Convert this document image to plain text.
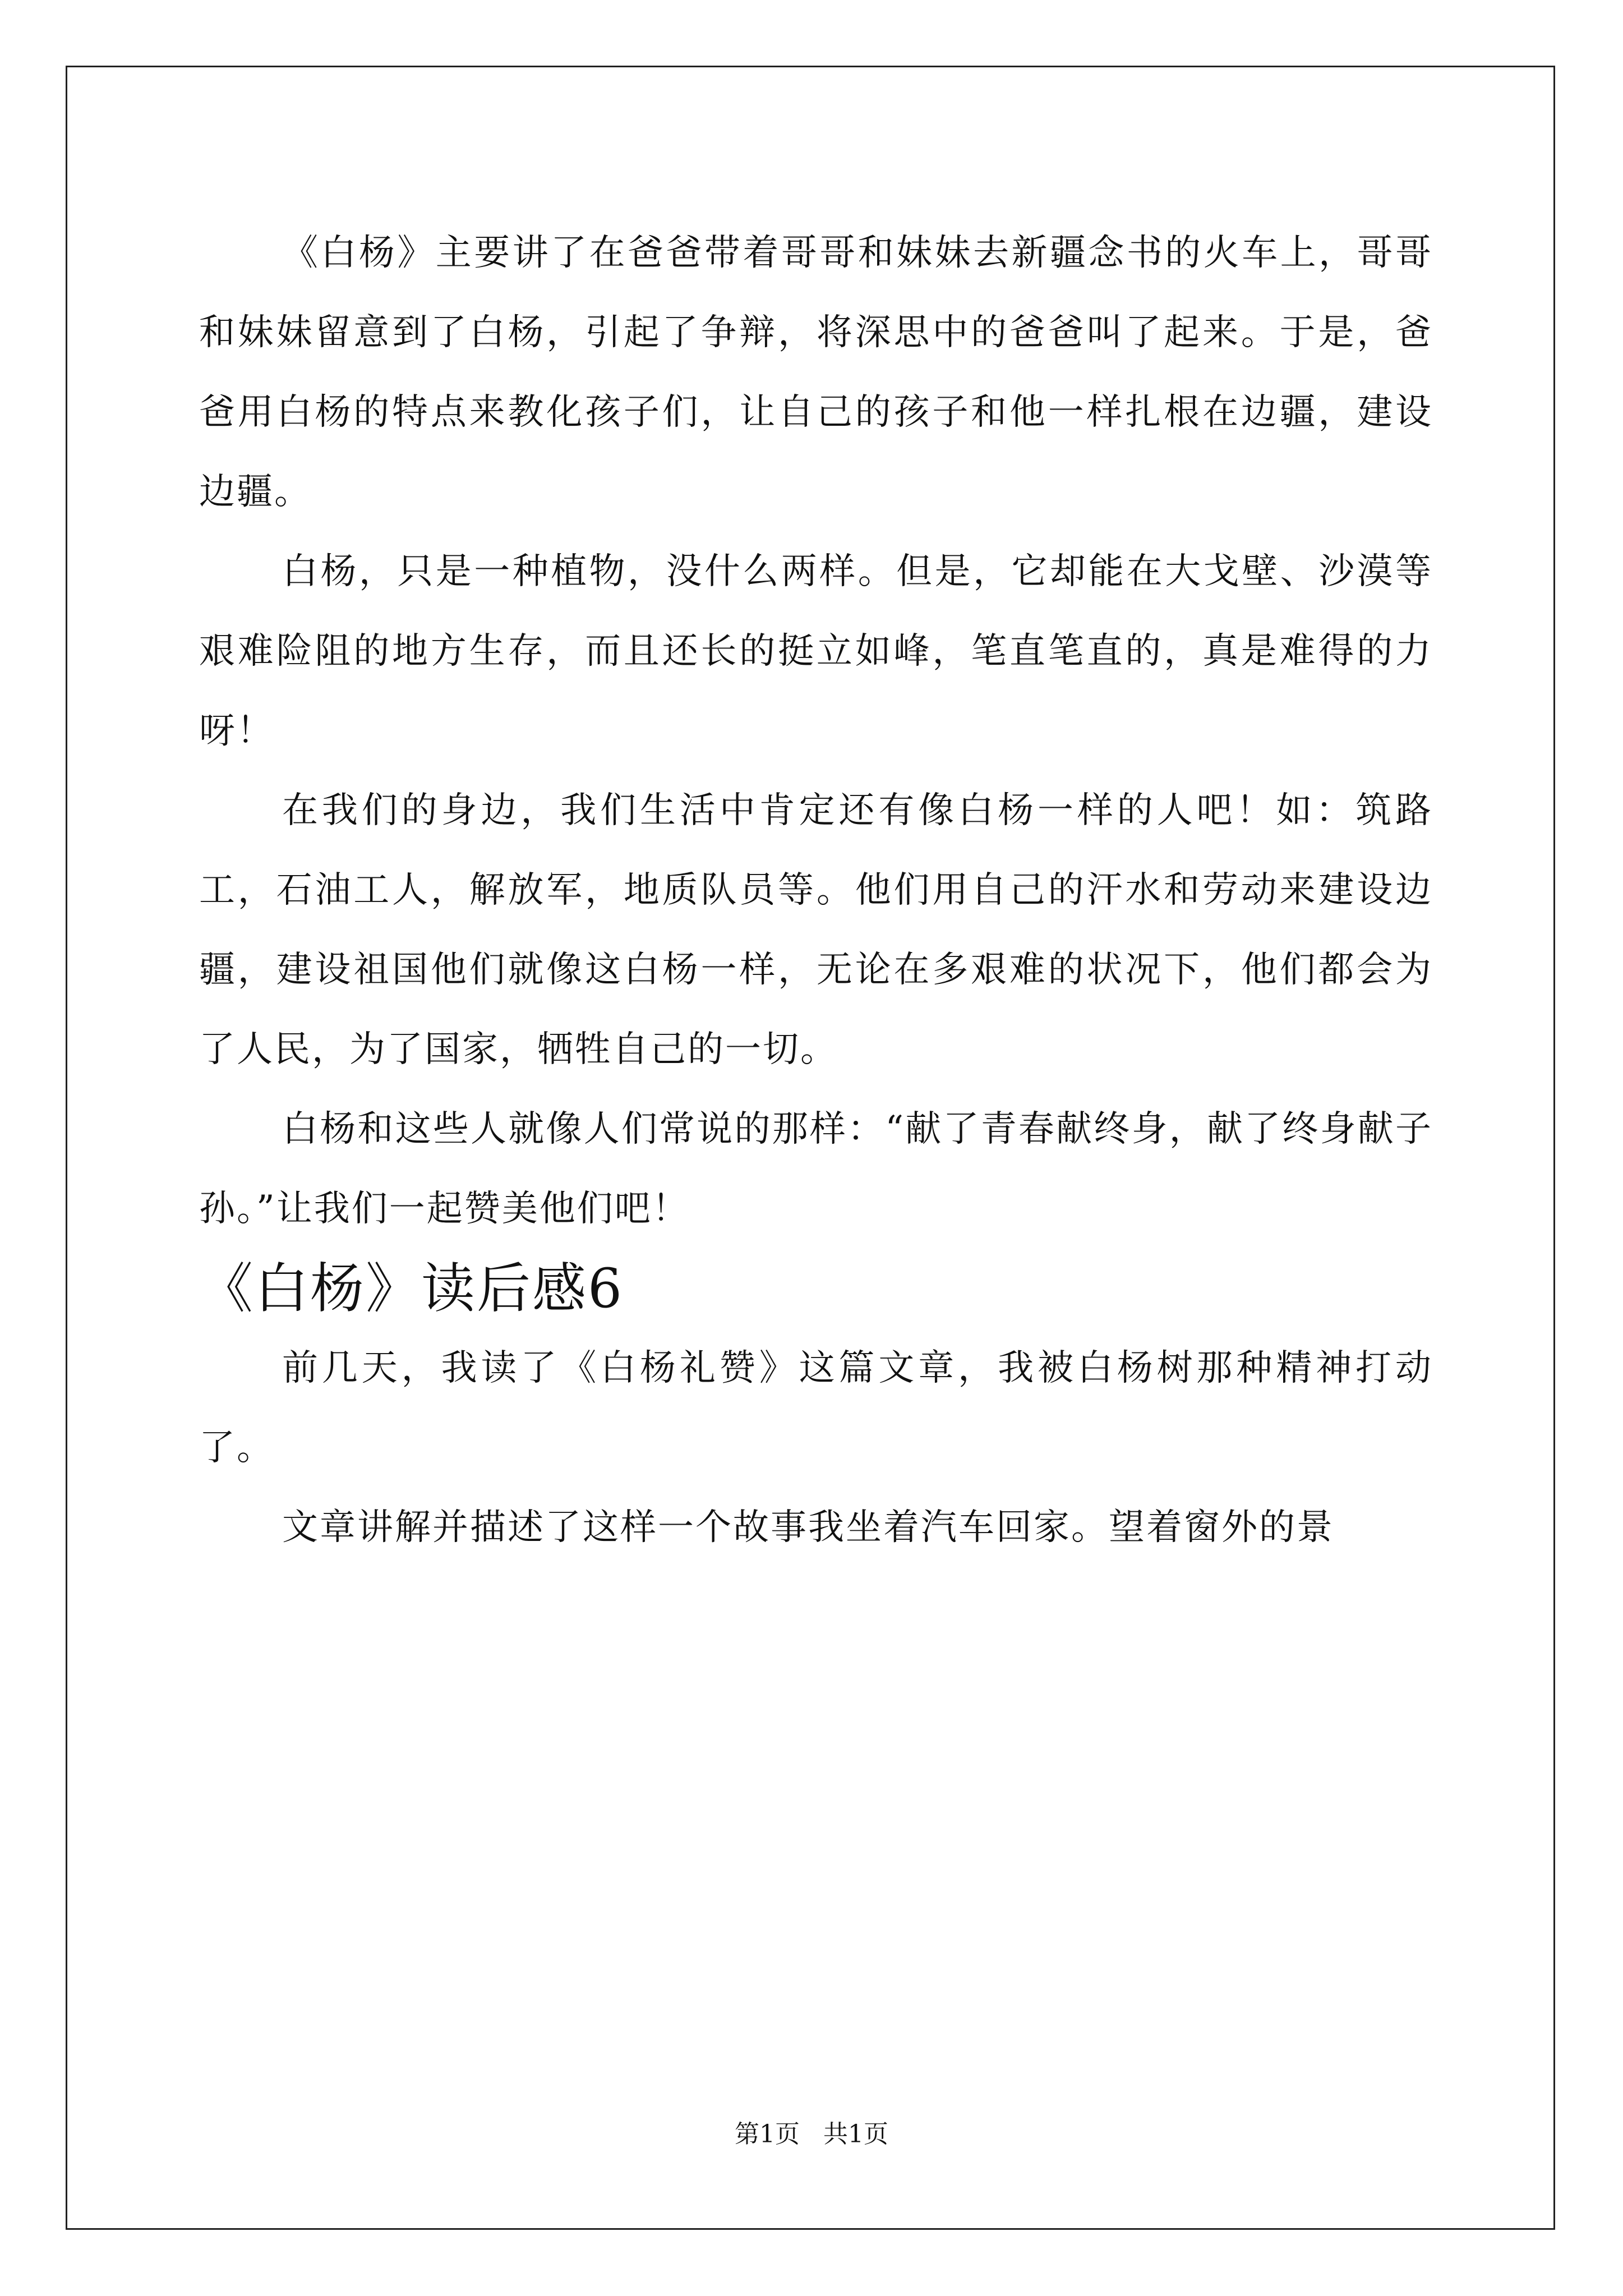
《白杨》主要讲了在爸爸带着哥哥和妹妹去新疆念书的火车上，哥哥和妹妹留意到了白杨，引起了争辩，将深思中的爸爸叫了起来。于是，爸爸用白杨的特点来教化孩子们，让自己的孩子和他一样扎根在边疆，建设边疆。

白杨，只是一种植物，没什么两样。但是，它却能在大戈壁、沙漠等艰难险阻的地方生存，而且还长的挺立如峰，笔直笔直的，真是难得的力呀！

在我们的身边，我们生活中肯定还有像白杨一样的人吧！如：筑路工，石油工人，解放军，地质队员等。他们用自己的汗水和劳动来建设边疆，建设祖国他们就像这白杨一样，无论在多艰难的状况下，他们都会为了人民，为了国家，牺牲自己的一切。

白杨和这些人就像人们常说的那样：“献了青春献终身，献了终身献子孙。”让我们一起赞美他们吧！

《白杨》读后感6

前几天，我读了《白杨礼赞》这篇文章，我被白杨树那种精神打动了。

文章讲解并描述了这样一个故事我坐着汽车回家。望着窗外的景

第1页   共1页
